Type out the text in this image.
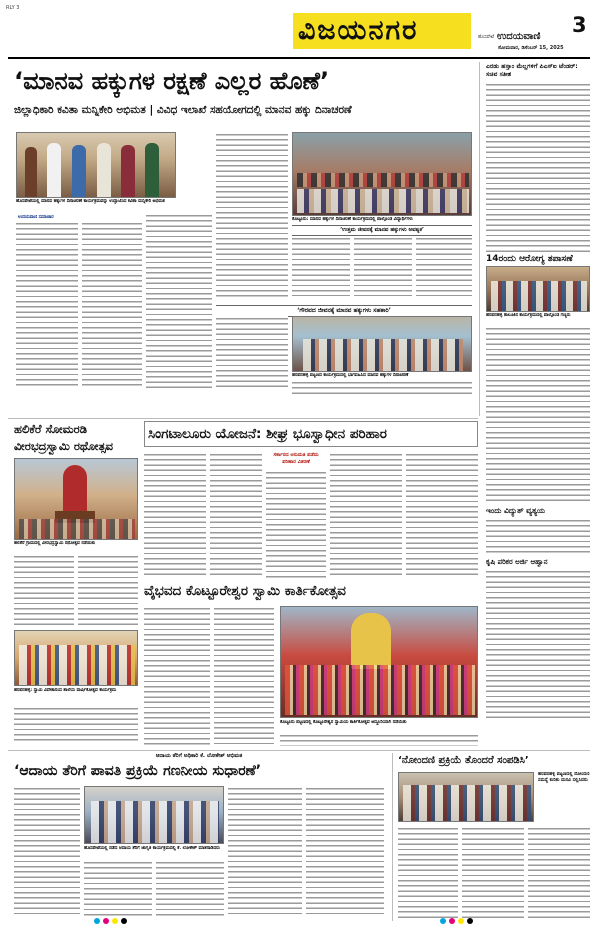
RLY 3
ವಿಜಯನಗರ	3
ಹೊಸಪೇಟೆ ಉದಯವಾಣಿ
ಸೋಮವಾರ, ಡಿಸೆಂಬರ್ 15, 2025
‘ಮಾನವ ಹಕ್ಕುಗಳ ರಕ್ಷಣೆ ಎಲ್ಲರ ಹೊಣೆ’
ಜಿಲ್ಲಾಧಿಕಾರಿ ಕವಿತಾ ಮನ್ನಿಕೇರಿ ಅಭಿಮತ | ವಿವಿಧ ಇಲಾಖೆ ಸಹಯೋಗದಲ್ಲಿ ಮಾನವ ಹಕ್ಕು ದಿನಾಚರಣೆ
ಹೊಸಪೇಟೆಯಲ್ಲಿ ಮಾನವ ಹಕ್ಕುಗಳ ದಿನಾಚರಣೆ ಕಾರ್ಯಕ್ರಮವನ್ನು ಉದ್ಘಾಟಿಸಿದ ಕವಿತಾ ಮನ್ನಿಕೇರಿ ಅಭಿಮತ
ಕೊಟ್ಟೂರು: ಮಾನವ ಹಕ್ಕುಗಳ ದಿನಾಚರಣೆ ಕಾರ್ಯಕ್ರಮದಲ್ಲಿ ಪಾಲ್ಗೊಂಡ ವಿದ್ಯಾರ್ಥಿಗಳು
ಉದಯವಾಣಿ ಸಮಾಚಾರ
‘ಉತ್ತಮ ಜೀವನಕ್ಕೆ ಮಾನವ ಹಕ್ಕುಗಳು ಅವಶ್ಯಕ’
‘ಗೌರವದ ಜೀವನಕ್ಕೆ ಮಾನವ ಹಕ್ಕುಗಳು ಸಹಕಾರಿ’
ಹರಪನಹಳ್ಳಿ ಪಟ್ಟಣದ ಕಾರ್ಯಕ್ರಮದಲ್ಲಿ ಭಾಗವಹಿಸಿದ ಮಾನವ ಹಕ್ಕುಗಳ ದಿನಾಚರಣೆ
ಎರಡು ಹಸ್ತಾಂ ಮೆಲ್ಲಗಳಿಗೆ ಪಿಎಸ್ಐ ಟೆಂಡರ್: ಸಚಿವ ಸತೀಶ
14ರಂದು ಆರೋಗ್ಯ ತಪಾಸಣೆ
ಹರಪನಹಳ್ಳಿ ತಾಲೂಕಿನ ಕಾರ್ಯಕ್ರಮದಲ್ಲಿ ಪಾಲ್ಗೊಂಡ ಗಣ್ಯರು
ಇಂದು ವಿದ್ಯುತ್ ವ್ಯತ್ಯಯ
ಕೃಷಿ ಪರಿಕರ ಅರ್ಜಿ ಆಹ್ವಾನ
ಹಲಿಕೆರೆ ಸೋಮರಡಿ ವೀರಭದ್ರಸ್ವಾಮಿ ರಥೋತ್ಸವ
ಹಲಿಕೆರೆ ಗ್ರಾಮದಲ್ಲಿ ವೀರಭದ್ರಸ್ವಾಮಿ ರಥೋತ್ಸವ ನಡೆಯಿತು
ಹರಪನಹಳ್ಳಿ: ಸ್ವಾಮಿ ವಿವೇಕಾನಂದ ಶಾಲೆಯ ವಾರ್ಷಿಕೋತ್ಸವ ಕಾರ್ಯಕ್ರಮ
ಸಿಂಗಟಾಲೂರು ಯೋಜನೆ: ಶೀಘ್ರ ಭೂಸ್ವಾಧೀನ ಪರಿಹಾರ
ಸರ್ಕಾರದ ಅನುಮತಿ ಪಡೆದು ಪರಿಹಾರ ವಿತರಣೆ
ವೈಭವದ ಕೊಟ್ಟೂರೇಶ್ವರ ಸ್ವಾಮಿ ಕಾರ್ತಿಕೋತ್ಸವ
ಕೊಟ್ಟೂರು ಪಟ್ಟಣದಲ್ಲಿ ಕೊಟ್ಟೂರೇಶ್ವರ ಸ್ವಾಮಿಯ ಕಾರ್ತಿಕೋತ್ಸವ ಅದ್ದೂರಿಯಾಗಿ ನಡೆಯಿತು
ಆದಾಯ ತೆರಿಗೆ ಅಧಿಕಾರಿ ಕೆ. ಲೋಕೇಶ್ ಅಭಿಮತ
‘ಆದಾಯ ತೆರಿಗೆ ಪಾವತಿ ಪ್ರಕ್ರಿಯೆ ಗಣನೀಯ ಸುಧಾರಣೆ’
ಹೊಸಪೇಟೆಯಲ್ಲಿ ನಡೆದ ಆದಾಯ ತೆರಿಗೆ ಜಾಗೃತಿ ಕಾರ್ಯಕ್ರಮದಲ್ಲಿ ಕೆ. ಲೋಕೇಶ್ ಮಾತನಾಡಿದರು
‘ನೋಂದಣಿ ಪ್ರಕ್ರಿಯೆ ತೊಂದರೆ ಸಂಪಡಿಸಿ’
ಹರಪನಹಳ್ಳಿ ಪಟ್ಟಣದಲ್ಲಿ ನೋಂದಣಿ ಸಮಸ್ಯೆ ಕುರಿತು ಮನವಿ ಸಲ್ಲಿಸಿದರು
